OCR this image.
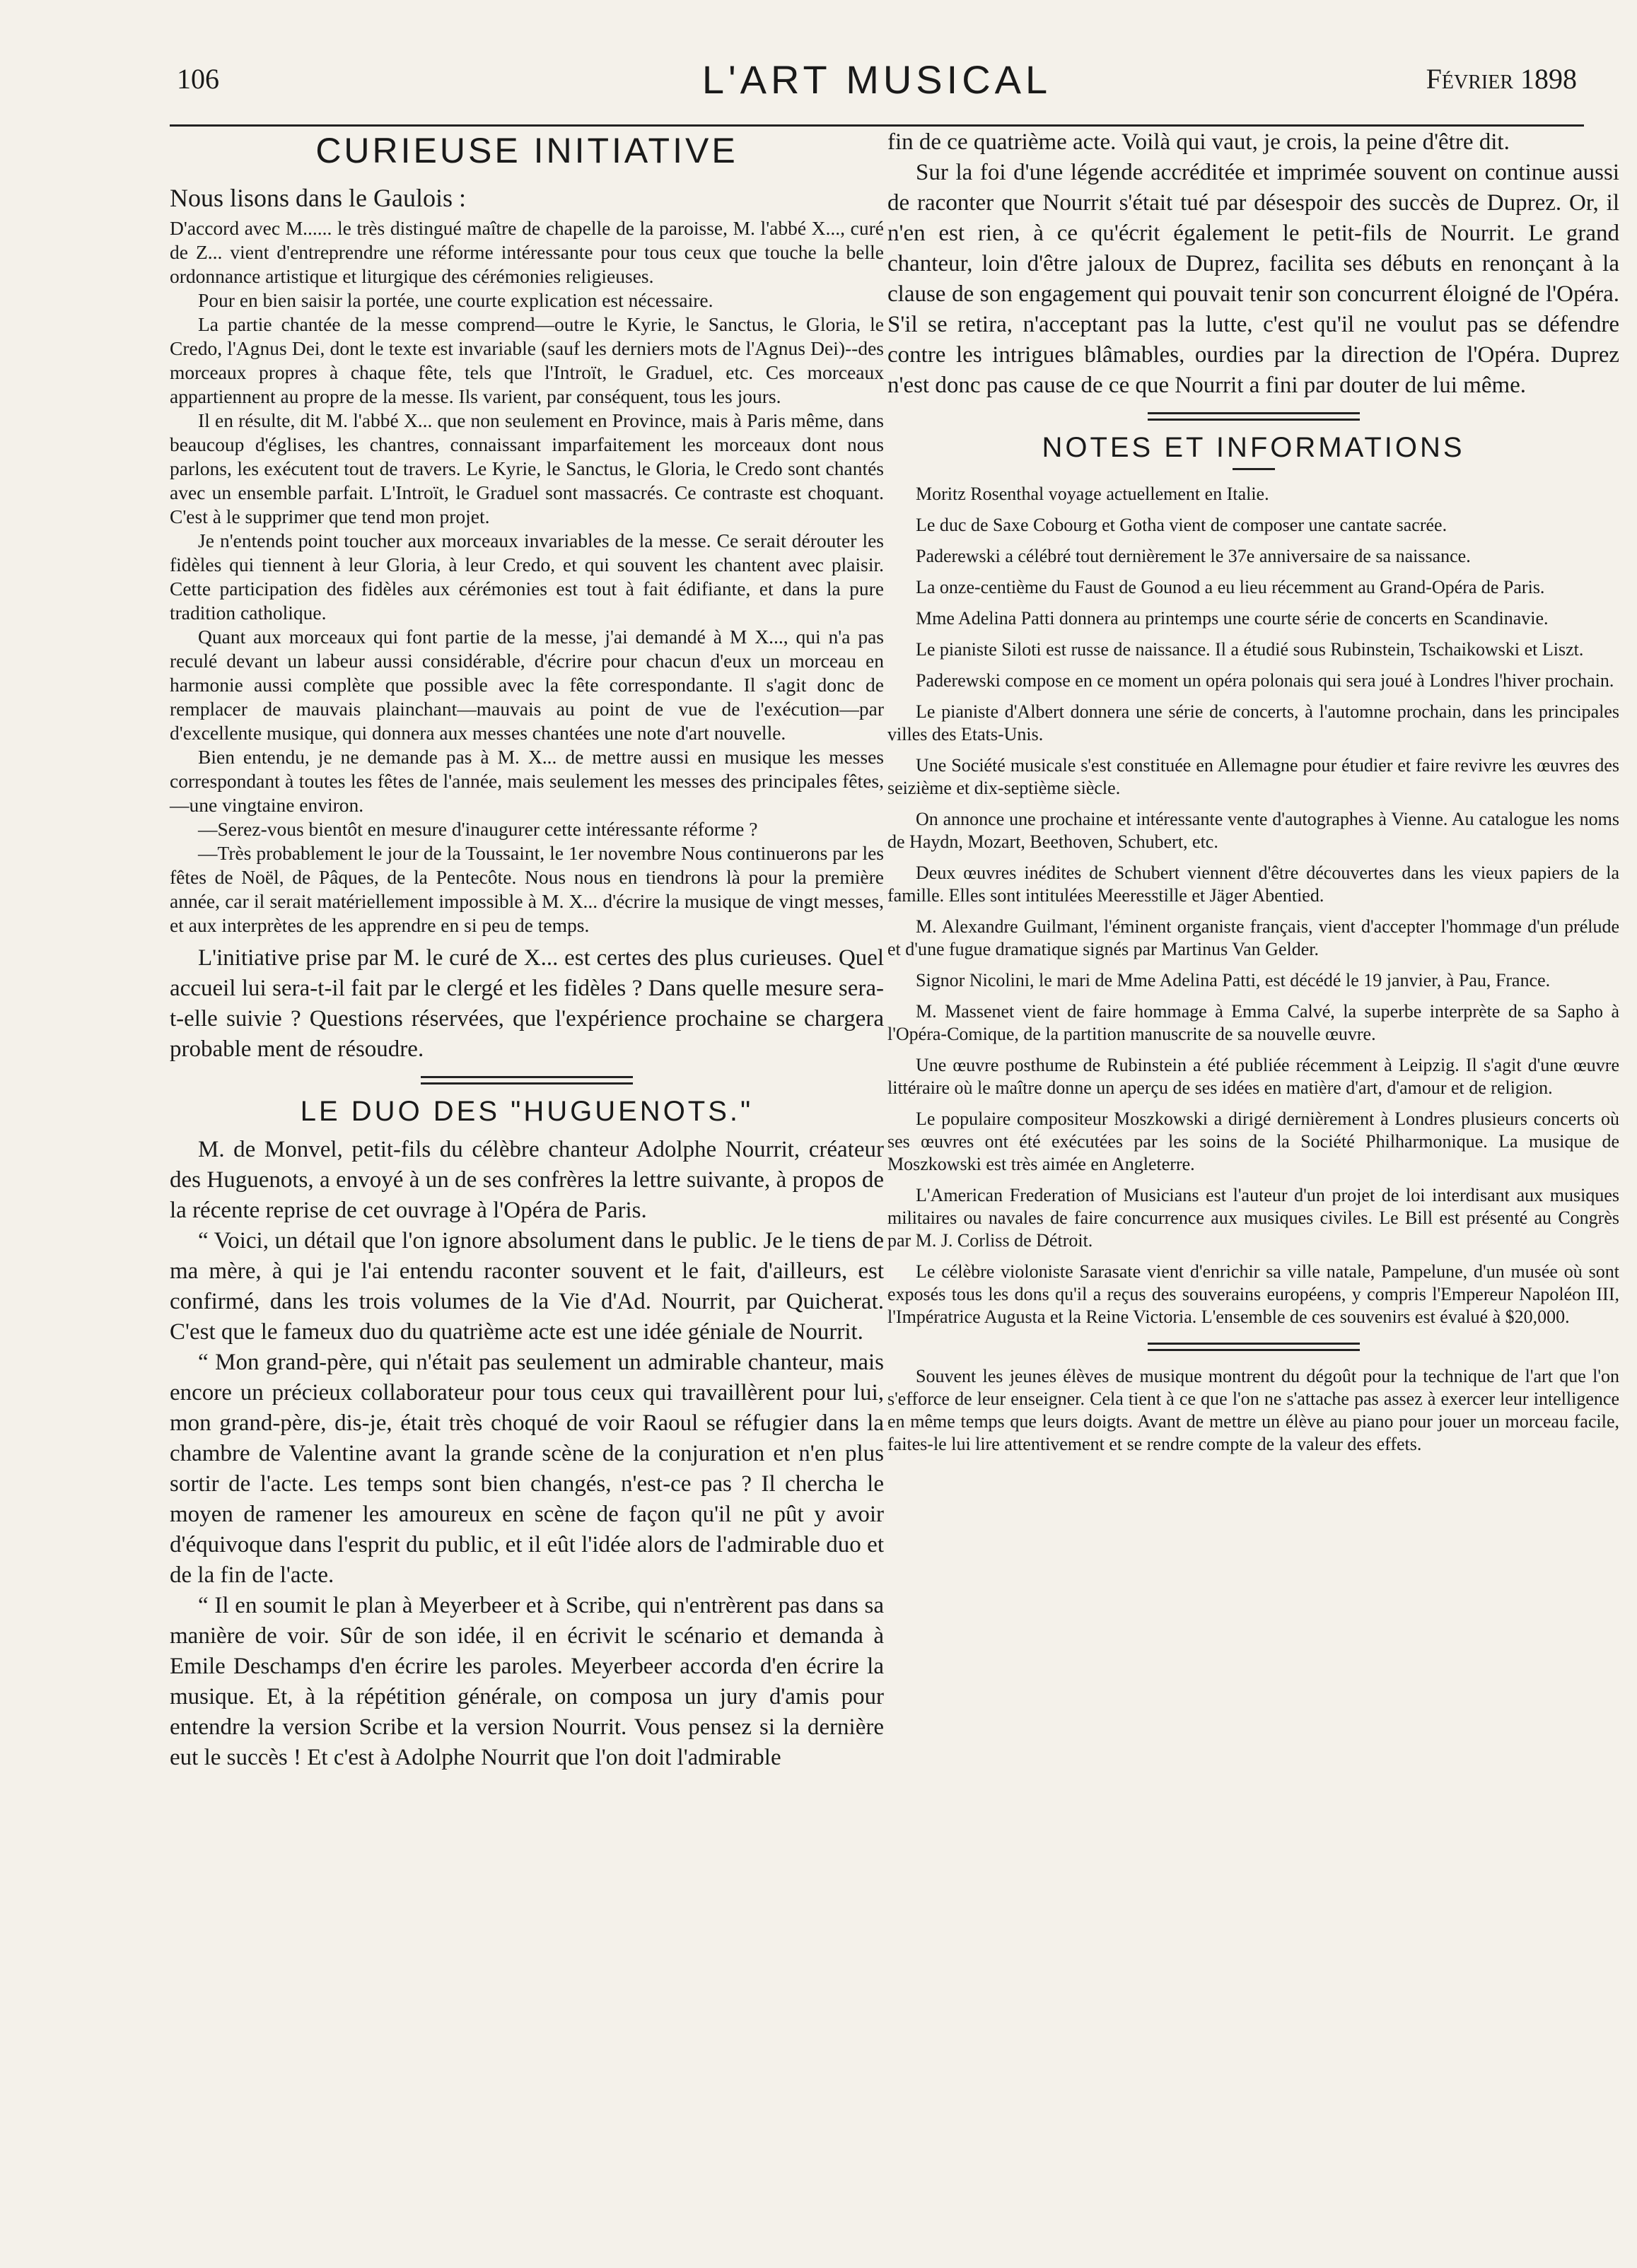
106	L'ART MUSICAL	Février 1898
CURIEUSE INITIATIVE

Nous lisons dans le Gaulois :

D'accord avec M...... le très distingué maître de chapelle de la paroisse, M. l'abbé X..., curé de Z... vient d'entreprendre une réforme intéressante pour tous ceux que touche la belle ordonnance artistique et liturgique des cérémonies religieuses.

Pour en bien saisir la portée, une courte explication est nécessaire.

La partie chantée de la messe comprend—outre le Kyrie, le Sanctus, le Gloria, le Credo, l'Agnus Dei, dont le texte est invariable (sauf les derniers mots de l'Agnus Dei)--des morceaux propres à chaque fête, tels que l'Introït, le Graduel, etc. Ces morceaux appartiennent au propre de la messe. Ils varient, par conséquent, tous les jours.

Il en résulte, dit M. l'abbé X... que non seulement en Province, mais à Paris même, dans beaucoup d'églises, les chantres, connaissant imparfaitement les morceaux dont nous parlons, les exécutent tout de travers. Le Kyrie, le Sanctus, le Gloria, le Credo sont chantés avec un ensemble parfait. L'Introït, le Graduel sont massacrés. Ce contraste est choquant. C'est à le supprimer que tend mon projet.

Je n'entends point toucher aux morceaux invariables de la messe. Ce serait dérouter les fidèles qui tiennent à leur Gloria, à leur Credo, et qui souvent les chantent avec plaisir. Cette participation des fidèles aux cérémonies est tout à fait édifiante, et dans la pure tradition catholique.

Quant aux morceaux qui font partie de la messe, j'ai demandé à M X..., qui n'a pas reculé devant un labeur aussi considérable, d'écrire pour chacun d'eux un morceau en harmonie aussi complète que possible avec la fête correspondante. Il s'agit donc de remplacer de mauvais plainchant—mauvais au point de vue de l'exécution—par d'excellente musique, qui donnera aux messes chantées une note d'art nouvelle.

Bien entendu, je ne demande pas à M. X... de mettre aussi en musique les messes correspondant à toutes les fêtes de l'année, mais seulement les messes des principales fêtes,—une vingtaine environ.

—Serez-vous bientôt en mesure d'inaugurer cette intéressante réforme ?

—Très probablement le jour de la Toussaint, le 1er novembre Nous continuerons par les fêtes de Noël, de Pâques, de la Pentecôte. Nous nous en tiendrons là pour la première année, car il serait matériellement impossible à M. X... d'écrire la musique de vingt messes, et aux interprètes de les apprendre en si peu de temps.

L'initiative prise par M. le curé de X... est certes des plus curieuses. Quel accueil lui sera-t-il fait par le clergé et les fidèles ? Dans quelle mesure sera-t-elle suivie ? Questions réservées, que l'expérience prochaine se chargera probable ment de résoudre.

LE DUO DES "HUGUENOTS."

M. de Monvel, petit-fils du célèbre chanteur Adolphe Nourrit, créateur des Huguenots, a envoyé à un de ses confrères la lettre suivante, à propos de la récente reprise de cet ouvrage à l'Opéra de Paris.

“ Voici, un détail que l'on ignore absolument dans le public. Je le tiens de ma mère, à qui je l'ai entendu raconter souvent et le fait, d'ailleurs, est confirmé, dans les trois volumes de la Vie d'Ad. Nourrit, par Quicherat. C'est que le fameux duo du quatrième acte est une idée géniale de Nourrit.

“ Mon grand-père, qui n'était pas seulement un admirable chanteur, mais encore un précieux collaborateur pour tous ceux qui travaillèrent pour lui, mon grand-père, dis-je, était très choqué de voir Raoul se réfugier dans la chambre de Valentine avant la grande scène de la conjuration et n'en plus sortir de l'acte. Les temps sont bien changés, n'est-ce pas ? Il chercha le moyen de ramener les amoureux en scène de façon qu'il ne pût y avoir d'équivoque dans l'esprit du public, et il eût l'idée alors de l'admirable duo et de la fin de l'acte.

“ Il en soumit le plan à Meyerbeer et à Scribe, qui n'entrèrent pas dans sa manière de voir. Sûr de son idée, il en écrivit le scénario et demanda à Emile Deschamps d'en écrire les paroles. Meyerbeer accorda d'en écrire la musique. Et, à la répétition générale, on composa un jury d'amis pour entendre la version Scribe et la version Nourrit. Vous pensez si la dernière eut le succès ! Et c'est à Adolphe Nourrit que l'on doit l'admirable

fin de ce quatrième acte. Voilà qui vaut, je crois, la peine d'être dit.

Sur la foi d'une légende accréditée et imprimée souvent on continue aussi de raconter que Nourrit s'était tué par désespoir des succès de Duprez. Or, il n'en est rien, à ce qu'écrit également le petit-fils de Nourrit. Le grand chanteur, loin d'être jaloux de Duprez, facilita ses débuts en renonçant à la clause de son engagement qui pouvait tenir son concurrent éloigné de l'Opéra. S'il se retira, n'acceptant pas la lutte, c'est qu'il ne voulut pas se défendre contre les intrigues blâmables, ourdies par la direction de l'Opéra. Duprez n'est donc pas cause de ce que Nourrit a fini par douter de lui même.

NOTES ET INFORMATIONS

Moritz Rosenthal voyage actuellement en Italie.

Le duc de Saxe Cobourg et Gotha vient de composer une cantate sacrée.

Paderewski a célébré tout dernièrement le 37e anniversaire de sa naissance.

La onze-centième du Faust de Gounod a eu lieu récemment au Grand-Opéra de Paris.

Mme Adelina Patti donnera au printemps une courte série de concerts en Scandinavie.

Le pianiste Siloti est russe de naissance. Il a étudié sous Rubinstein, Tschaikowski et Liszt.

Paderewski compose en ce moment un opéra polonais qui sera joué à Londres l'hiver prochain.

Le pianiste d'Albert donnera une série de concerts, à l'automne prochain, dans les principales villes des Etats-Unis.

Une Société musicale s'est constituée en Allemagne pour étudier et faire revivre les œuvres des seizième et dix-septième siècle.

On annonce une prochaine et intéressante vente d'autographes à Vienne. Au catalogue les noms de Haydn, Mozart, Beethoven, Schubert, etc.

Deux œuvres inédites de Schubert viennent d'être découvertes dans les vieux papiers de la famille. Elles sont intitulées Meeresstille et Jäger Abentied.

M. Alexandre Guilmant, l'éminent organiste français, vient d'accepter l'hommage d'un prélude et d'une fugue dramatique signés par Martinus Van Gelder.

Signor Nicolini, le mari de Mme Adelina Patti, est décédé le 19 janvier, à Pau, France.

M. Massenet vient de faire hommage à Emma Calvé, la superbe interprète de sa Sapho à l'Opéra-Comique, de la partition manuscrite de sa nouvelle œuvre.

Une œuvre posthume de Rubinstein a été publiée récemment à Leipzig. Il s'agit d'une œuvre littéraire où le maître donne un aperçu de ses idées en matière d'art, d'amour et de religion.

Le populaire compositeur Moszkowski a dirigé dernièrement à Londres plusieurs concerts où ses œuvres ont été exécutées par les soins de la Société Philharmonique. La musique de Moszkowski est très aimée en Angleterre.

L'American Frederation of Musicians est l'auteur d'un projet de loi interdisant aux musiques militaires ou navales de faire concurrence aux musiques civiles. Le Bill est présenté au Congrès par M. J. Corliss de Détroit.

Le célèbre violoniste Sarasate vient d'enrichir sa ville natale, Pampelune, d'un musée où sont exposés tous les dons qu'il a reçus des souverains européens, y compris l'Empereur Napoléon III, l'Impératrice Augusta et la Reine Victoria. L'ensemble de ces souvenirs est évalué à $20,000.

Souvent les jeunes élèves de musique montrent du dégoût pour la technique de l'art que l'on s'efforce de leur enseigner. Cela tient à ce que l'on ne s'attache pas assez à exercer leur intelligence en même temps que leurs doigts. Avant de mettre un élève au piano pour jouer un morceau facile, faites-le lui lire attentivement et se rendre compte de la valeur des effets.
